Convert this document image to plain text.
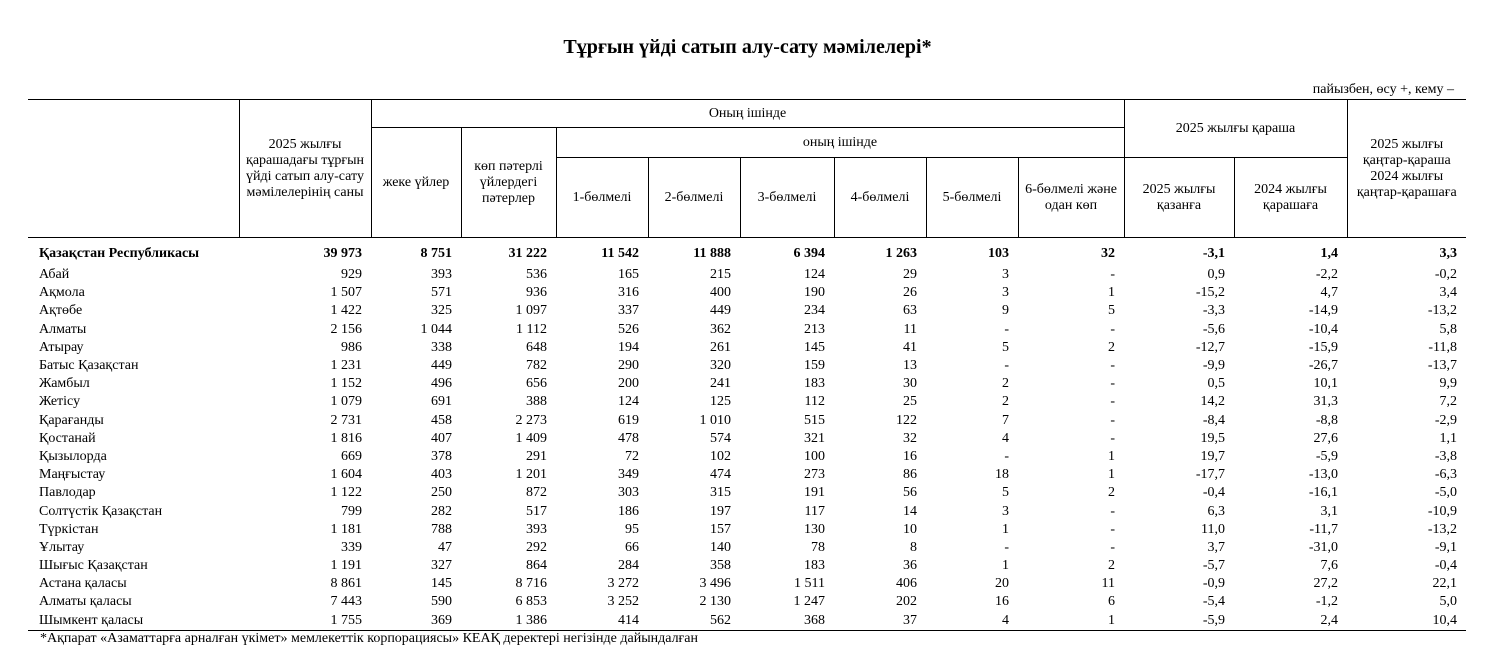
Тұрғын үйді сатып алу-сату мәмілелері*
пайызбен, өсу +, кему –
	2025 жылғы қарашадағы тұрғын үйді сатып алу-сату мәмілелерінің саны	Оның ішінде								2025 жылғы қараша		2025 жылғы қаңтар-қараша 2024 жылғы қаңтар-қарашаға
		жеке үйлер	көп пәтерлі үйлердегі пәтерлер	оның ішінде								
				1-бөлмелі	2-бөлмелі	3-бөлмелі	4-бөлмелі	5-бөлмелі	6-бөлмелі және одан көп	2025 жылғы қазанға	2024 жылғы қарашаға	
Қазақстан Республикасы	39 973	8 751	31 222	11 542	11 888	6 394	1 263	103	32	-3,1	1,4	3,3
Абай	929	393	536	165	215	124	29	3	-	0,9	-2,2	-0,2
Ақмола	1 507	571	936	316	400	190	26	3	1	-15,2	4,7	3,4
Ақтөбе	1 422	325	1 097	337	449	234	63	9	5	-3,3	-14,9	-13,2
Алматы	2 156	1 044	1 112	526	362	213	11	-	-	-5,6	-10,4	5,8
Атырау	986	338	648	194	261	145	41	5	2	-12,7	-15,9	-11,8
Батыс Қазақстан	1 231	449	782	290	320	159	13	-	-	-9,9	-26,7	-13,7
Жамбыл	1 152	496	656	200	241	183	30	2	-	0,5	10,1	9,9
Жетісу	1 079	691	388	124	125	112	25	2	-	14,2	31,3	7,2
Қарағанды	2 731	458	2 273	619	1 010	515	122	7	-	-8,4	-8,8	-2,9
Қостанай	1 816	407	1 409	478	574	321	32	4	-	19,5	27,6	1,1
Қызылорда	669	378	291	72	102	100	16	-	1	19,7	-5,9	-3,8
Маңғыстау	1 604	403	1 201	349	474	273	86	18	1	-17,7	-13,0	-6,3
Павлодар	1 122	250	872	303	315	191	56	5	2	-0,4	-16,1	-5,0
Солтүстік Қазақстан	799	282	517	186	197	117	14	3	-	6,3	3,1	-10,9
Түркістан	1 181	788	393	95	157	130	10	1	-	11,0	-11,7	-13,2
Ұлытау	339	47	292	66	140	78	8	-	-	3,7	-31,0	-9,1
Шығыс Қазақстан	1 191	327	864	284	358	183	36	1	2	-5,7	7,6	-0,4
Астана қаласы	8 861	145	8 716	3 272	3 496	1 511	406	20	11	-0,9	27,2	22,1
Алматы қаласы	7 443	590	6 853	3 252	2 130	1 247	202	16	6	-5,4	-1,2	5,0
Шымкент қаласы	1 755	369	1 386	414	562	368	37	4	1	-5,9	2,4	10,4
*Ақпарат «Азаматтарға арналған үкімет» мемлекеттік корпорациясы» КЕАҚ деректері негізінде дайындалған
